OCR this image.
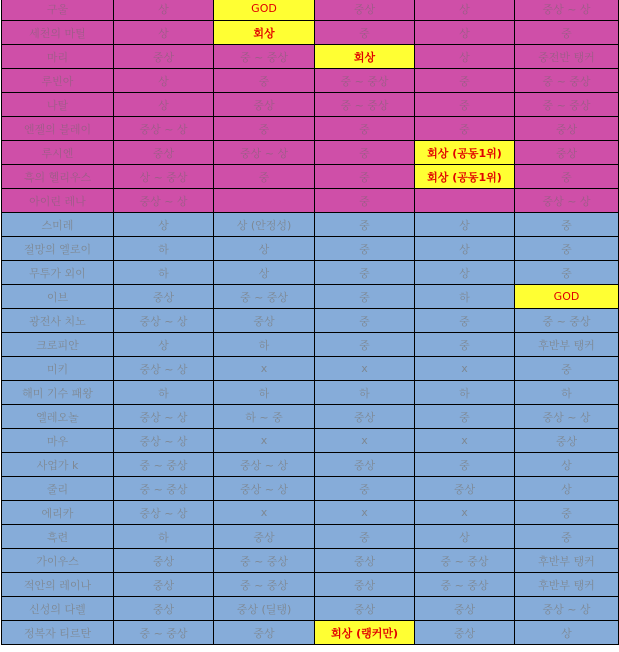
구울	상	GOD	중상	상	중상 ~ 상
세천의 마틸	상	회상	중	상	중
마리	중상	중 ~ 중상	회상	상	중전반 탱커
루빈아	상	중	중 ~ 중상	중	중 ~ 중상
나탈	상	중상	중 ~ 중상	중	중 ~ 중상
엔젤의 블레이	중상 ~ 상	중	중	중	중상
루시엔	중상	중상 ~ 상	중	회상 (공동1위)	중상
흑의 헬리우스	상 ~ 중상	중	중	회상 (공동1위)	중
아이린 레나	중상 ~ 상		중		중상 ~ 상
스미레	상	상 (안정성)	중	상	중
절망의 엘로이	하	상	중	상	중
무투가 외이	하	상	중	상	중
이브	중상	중 ~ 중상	중	하	GOD
광전사 치노	중상 ~ 상	중상	중	중	중 ~ 중상
크로피안	상	하	중	중	후반부 탱커
미키	중상 ~ 상	x	x	x	중
해미 기수 패왕	하	하	하	하	하
엘레오놀	중상 ~ 상	하 ~ 중	중상	중	중상 ~ 상
마우	중상 ~ 상	x	x	x	중상
사업가 k	중 ~ 중상	중상 ~ 상	중상	중	상
줄리	중 ~ 중상	중상 ~ 상	중	중상	상
에리카	중상 ~ 상	x	x	x	중
흑련	하	중상	중	상	중
가이우스	중상	중 ~ 중상	중상	중 ~ 중상	후반부 탱커
적안의 레이나	중상	중 ~ 중상	중상	중 ~ 중상	후반부 탱커
신성의 다렐	중상	중상 (딜탱)	중상	중상	중상 ~ 상
정복자 티르탄	중 ~ 중상	중상	회상 (랭커만)	중상	상
